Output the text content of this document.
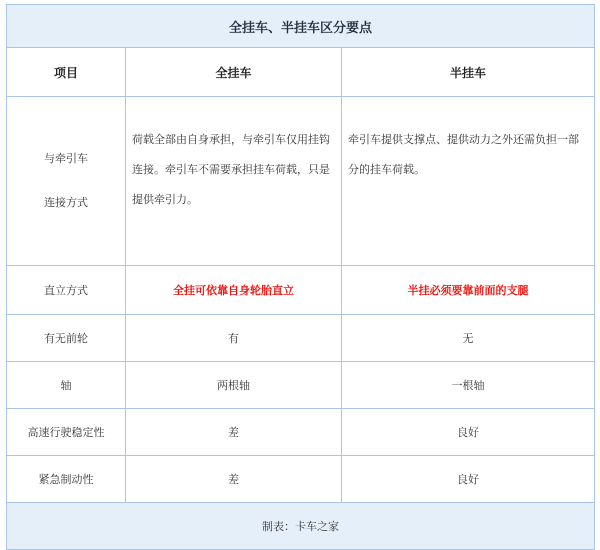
全挂车、半挂车区分要点		
项目	全挂车	半挂车
与牵引车
连接方式	荷载全部由自身承担，与牵引车仅用挂钩连接。牵引车不需要承担挂车荷载，只是提供牵引力。	牵引车提供支撑点、提供动力之外还需负担一部分的挂车荷载。
直立方式	全挂可依靠自身轮胎直立	半挂必须要靠前面的支腿
有无前轮	有	无
轴	两根轴	一根轴
高速行驶稳定性	差	良好
紧急制动性	差	良好
制表：卡车之家		
